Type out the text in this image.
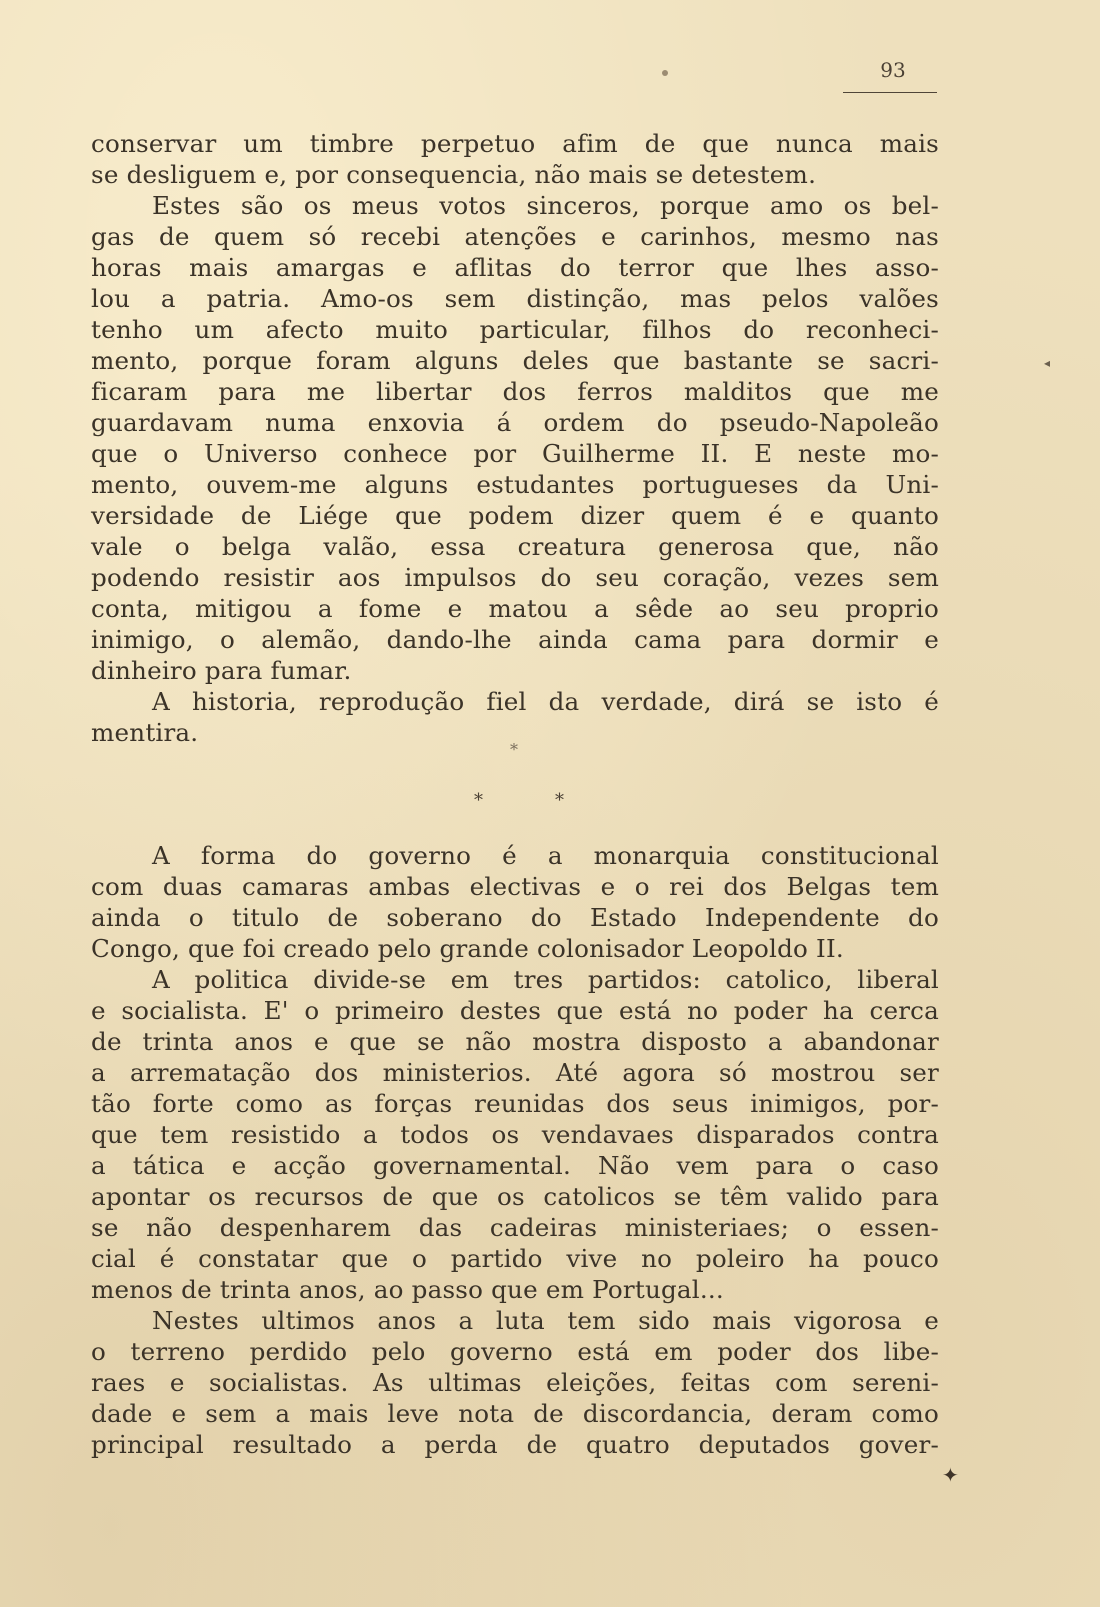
93
conservar um timbre perpetuo afim de que nunca mais
se desliguem e, por consequencia, não mais se detestem.
Estes são os meus votos sinceros, porque amo os bel-
gas de quem só recebi atenções e carinhos, mesmo nas
horas mais amargas e aflitas do terror que lhes asso-
lou a patria. Amo-os sem distinção, mas pelos valões
tenho um afecto muito particular, filhos do reconheci-
mento, porque foram alguns deles que bastante se sacri-
ficaram para me libertar dos ferros malditos que me
guardavam numa enxovia á ordem do pseudo-Napoleão
que o Universo conhece por Guilherme II. E neste mo-
mento, ouvem-me alguns estudantes portugueses da Uni-
versidade de Liége que podem dizer quem é e quanto
vale o belga valão, essa creatura generosa que, não
podendo resistir aos impulsos do seu coração, vezes sem
conta, mitigou a fome e matou a sêde ao seu proprio
inimigo, o alemão, dando-lhe ainda cama para dormir e
dinheiro para fumar.
A historia, reprodução fiel da verdade, dirá se isto é
mentira.
*
*	*
A forma do governo é a monarquia constitucional
com duas camaras ambas electivas e o rei dos Belgas tem
ainda o titulo de soberano do Estado Independente do
Congo, que foi creado pelo grande colonisador Leopoldo II.
A politica divide-se em tres partidos: catolico, liberal
e socialista. E' o primeiro destes que está no poder ha cerca
de trinta anos e que se não mostra disposto a abandonar
a arrematação dos ministerios. Até agora só mostrou ser
tão forte como as forças reunidas dos seus inimigos, por-
que tem resistido a todos os vendavaes disparados contra
a tática e acção governamental. Não vem para o caso
apontar os recursos de que os catolicos se têm valido para
se não despenharem das cadeiras ministeriaes; o essen-
cial é constatar que o partido vive no poleiro ha pouco
menos de trinta anos, ao passo que em Portugal...
Nestes ultimos anos a luta tem sido mais vigorosa e
o terreno perdido pelo governo está em poder dos libe-
raes e socialistas. As ultimas eleições, feitas com sereni-
dade e sem a mais leve nota de discordancia, deram como
principal resultado a perda de quatro deputados gover-
◂
✦
